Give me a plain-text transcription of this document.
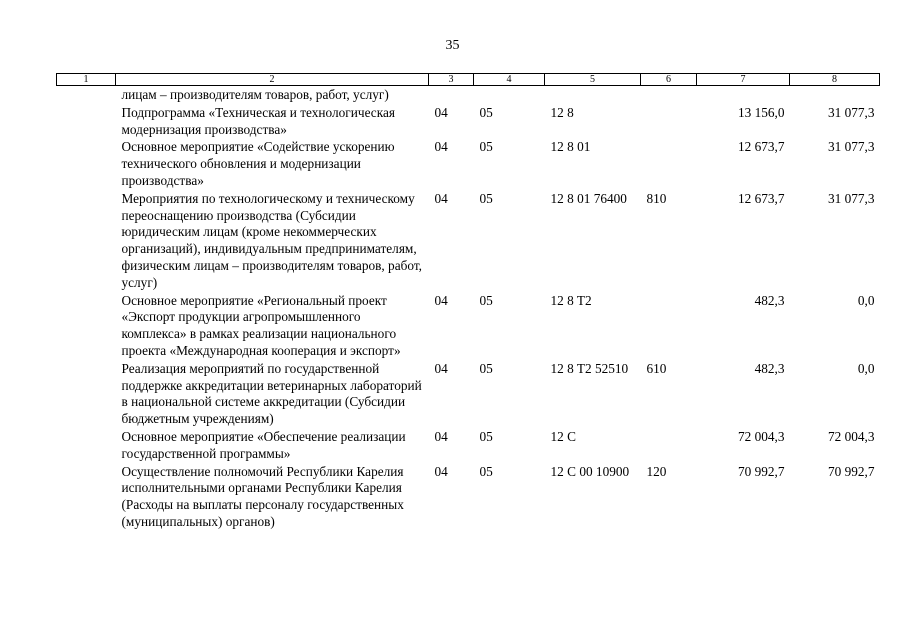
35
1	2	3	4	5	6	7	8
	лицам – производителям товаров, работ, услуг)						
	Подпрограмма «Техническая и технологическая модернизация производства»	04	05	12 8		13 156,0	31 077,3
	Основное мероприятие «Содействие ускорению технического обновления и модернизации производства»	04	05	12 8 01		12 673,7	31 077,3
	Мероприятия по технологическому и техническому переоснащению производства (Субсидии юридическим лицам (кроме некоммерческих организаций), индивидуальным предпринимателям, физическим лицам – производителям товаров, работ, услуг)	04	05	12 8 01 76400	810	12 673,7	31 077,3
	Основное мероприятие «Региональный проект «Экспорт продукции агропромышленного комплекса» в рамках реализации национального проекта «Международная кооперация и экспорт»	04	05	12 8 T2		482,3	0,0
	Реализация мероприятий по государственной поддержке аккредитации ветеринарных лабораторий в национальной системе аккредитации (Субсидии бюджетным учреждениям)	04	05	12 8 T2 52510	610	482,3	0,0
	Основное мероприятие «Обеспечение реализации государственной программы»	04	05	12 С		72 004,3	72 004,3
	Осуществление полномочий Республики Карелия исполнительными органами Республики Карелия (Расходы на выплаты персоналу государственных (муниципальных) органов)	04	05	12 С 00 10900	120	70 992,7	70 992,7
